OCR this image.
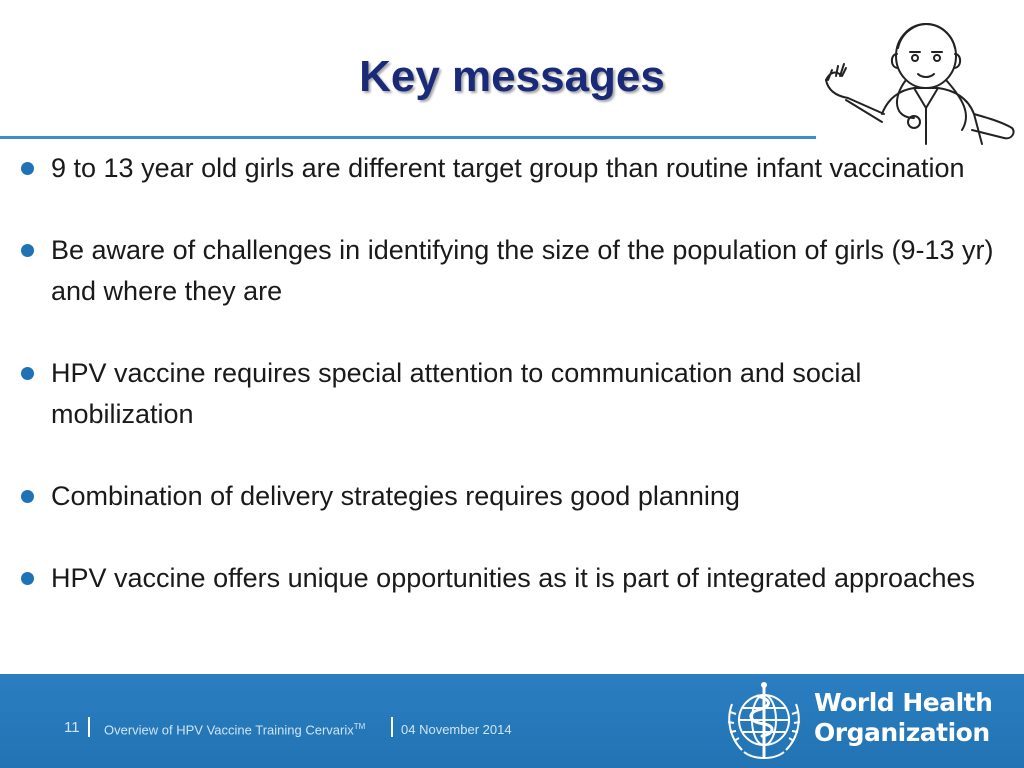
Key messages
9 to 13 year old girls are different target group than routine infant vaccination
Be aware of challenges in identifying the size of the population of girls (9-13 yr) and where they are
HPV vaccine requires special attention to communication and social mobilization
Combination of delivery strategies requires good planning
HPV vaccine offers unique opportunities as it is part of integrated approaches
11 Overview of HPV Vaccine Training Cervarix™	04 November 2014
World Health
Organization
